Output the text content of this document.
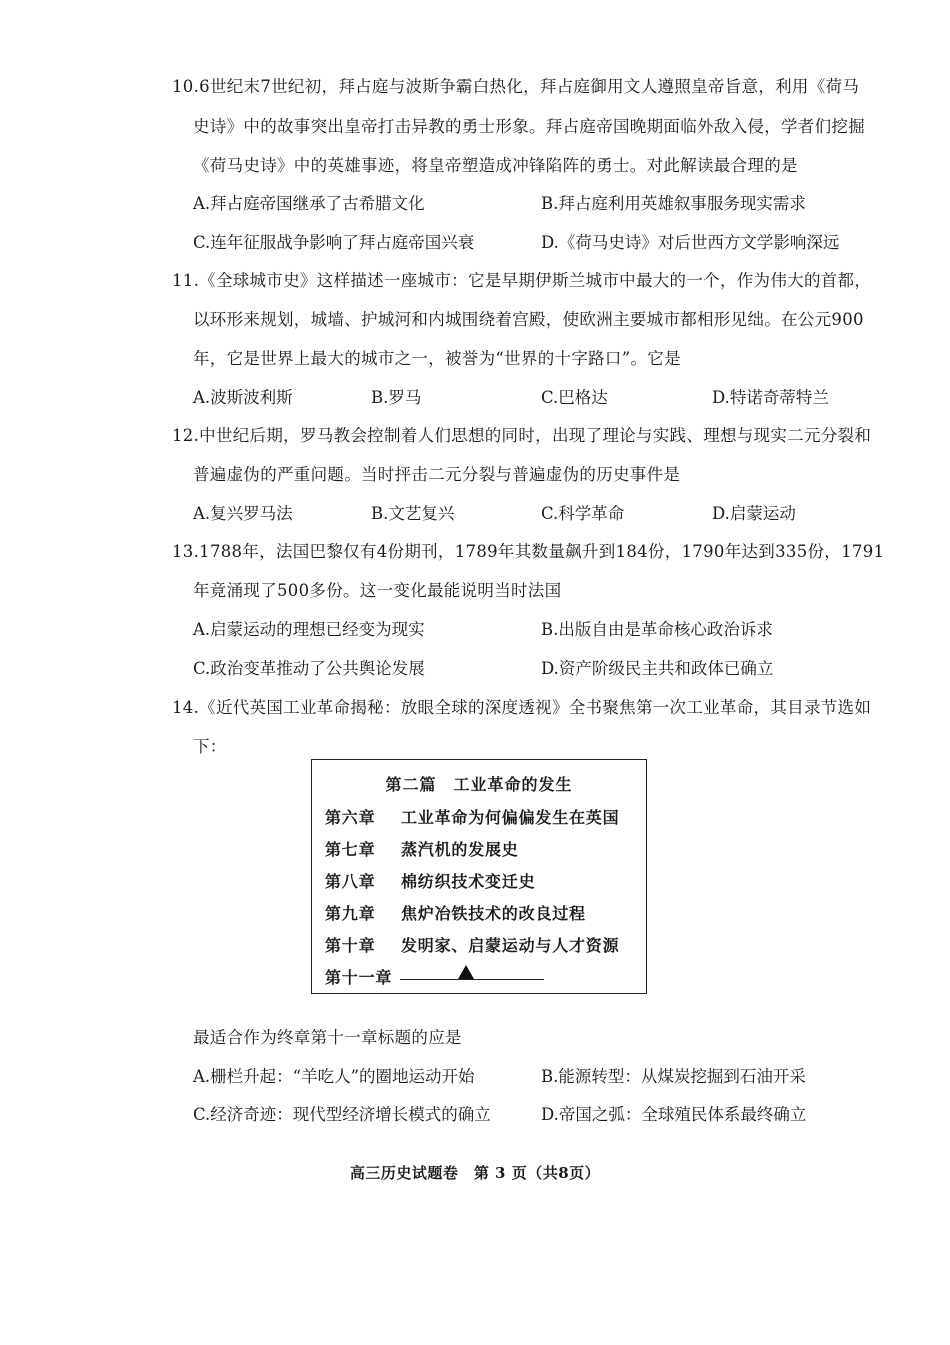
10.6世纪末7世纪初，拜占庭与波斯争霸白热化，拜占庭御用文人遵照皇帝旨意，利用《荷马
史诗》中的故事突出皇帝打击异教的勇士形象。拜占庭帝国晚期面临外敌入侵，学者们挖掘
《荷马史诗》中的英雄事迹，将皇帝塑造成冲锋陷阵的勇士。对此解读最合理的是
A.拜占庭帝国继承了古希腊文化	B.拜占庭利用英雄叙事服务现实需求
C.连年征服战争影响了拜占庭帝国兴衰	D.《荷马史诗》对后世西方文学影响深远
11.《全球城市史》这样描述一座城市：它是早期伊斯兰城市中最大的一个，作为伟大的首都，
以环形来规划，城墙、护城河和内城围绕着宫殿，使欧洲主要城市都相形见绌。在公元900
年，它是世界上最大的城市之一，被誉为“世界的十字路口”。它是
A.波斯波利斯	B.罗马	C.巴格达	D.特诺奇蒂特兰
12.中世纪后期，罗马教会控制着人们思想的同时，出现了理论与实践、理想与现实二元分裂和
普遍虚伪的严重问题。当时抨击二元分裂与普遍虚伪的历史事件是
A.复兴罗马法	B.文艺复兴	C.科学革命	D.启蒙运动
13.1788年，法国巴黎仅有4份期刊，1789年其数量飙升到184份，1790年达到335份，1791
年竟涌现了500多份。这一变化最能说明当时法国
A.启蒙运动的理想已经变为现实	B.出版自由是革命核心政治诉求
C.政治变革推动了公共舆论发展	D.资产阶级民主共和政体已确立
14.《近代英国工业革命揭秘：放眼全球的深度透视》全书聚焦第一次工业革命，其目录节选如
下：
第二篇　工业革命的发生
第六章 工业革命为何偏偏发生在英国
第七章 蒸汽机的发展史
第八章 棉纺织技术变迁史
第九章 焦炉冶铁技术的改良过程
第十章 发明家、启蒙运动与人才资源
第十一章
最适合作为终章第十一章标题的应是
A.栅栏升起：“羊吃人”的圈地运动开始	B.能源转型：从煤炭挖掘到石油开采
C.经济奇迹：现代型经济增长模式的确立	D.帝国之弧：全球殖民体系最终确立
高三历史试题卷　第 3 页（共8页）
